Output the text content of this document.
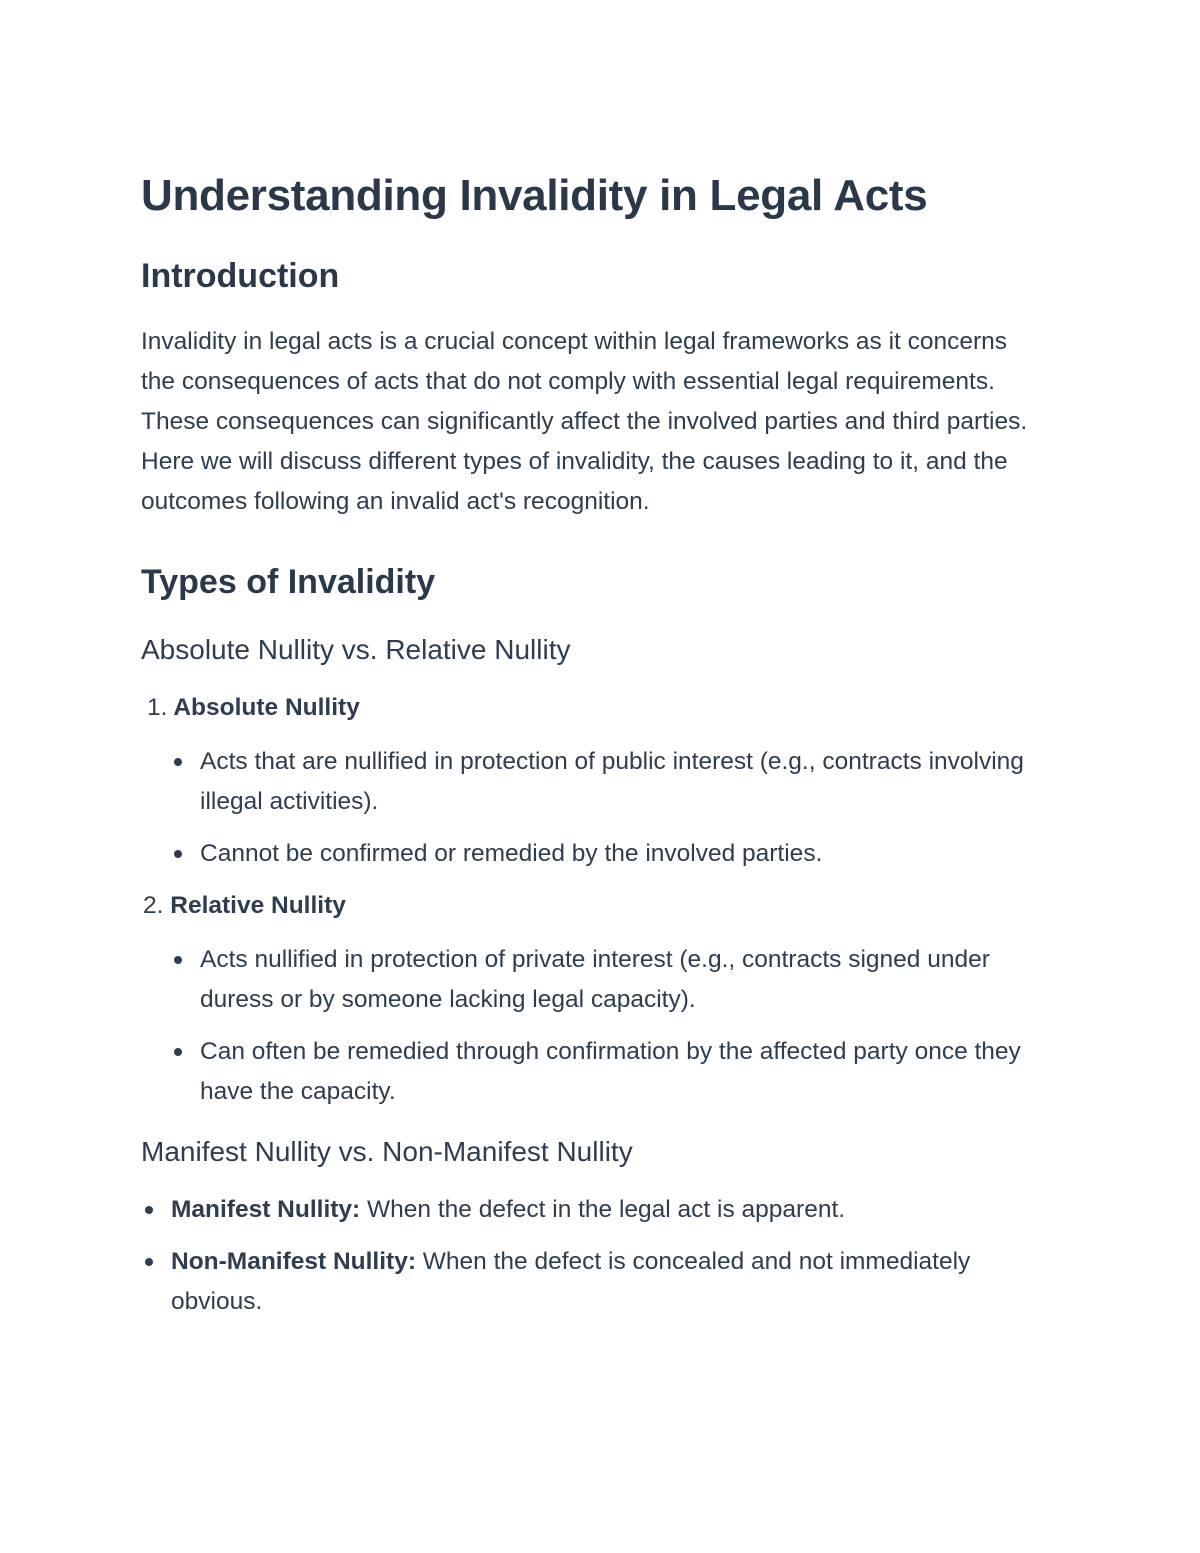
Understanding Invalidity in Legal Acts
Introduction

Invalidity in legal acts is a crucial concept within legal frameworks as it concerns the consequences of acts that do not comply with essential legal requirements. These consequences can significantly affect the involved parties and third parties. Here we will discuss different types of invalidity, the causes leading to it, and the outcomes following an invalid act's recognition.

Types of Invalidity
Absolute Nullity vs. Relative Nullity
1. Absolute Nullity
Acts that are nullified in protection of public interest (e.g., contracts involving illegal activities).
Cannot be confirmed or remedied by the involved parties.
2. Relative Nullity
Acts nullified in protection of private interest (e.g., contracts signed under duress or by someone lacking legal capacity).
Can often be remedied through confirmation by the affected party once they have the capacity.
Manifest Nullity vs. Non-Manifest Nullity
Manifest Nullity: When the defect in the legal act is apparent.
Non-Manifest Nullity: When the defect is concealed and not immediately obvious.
